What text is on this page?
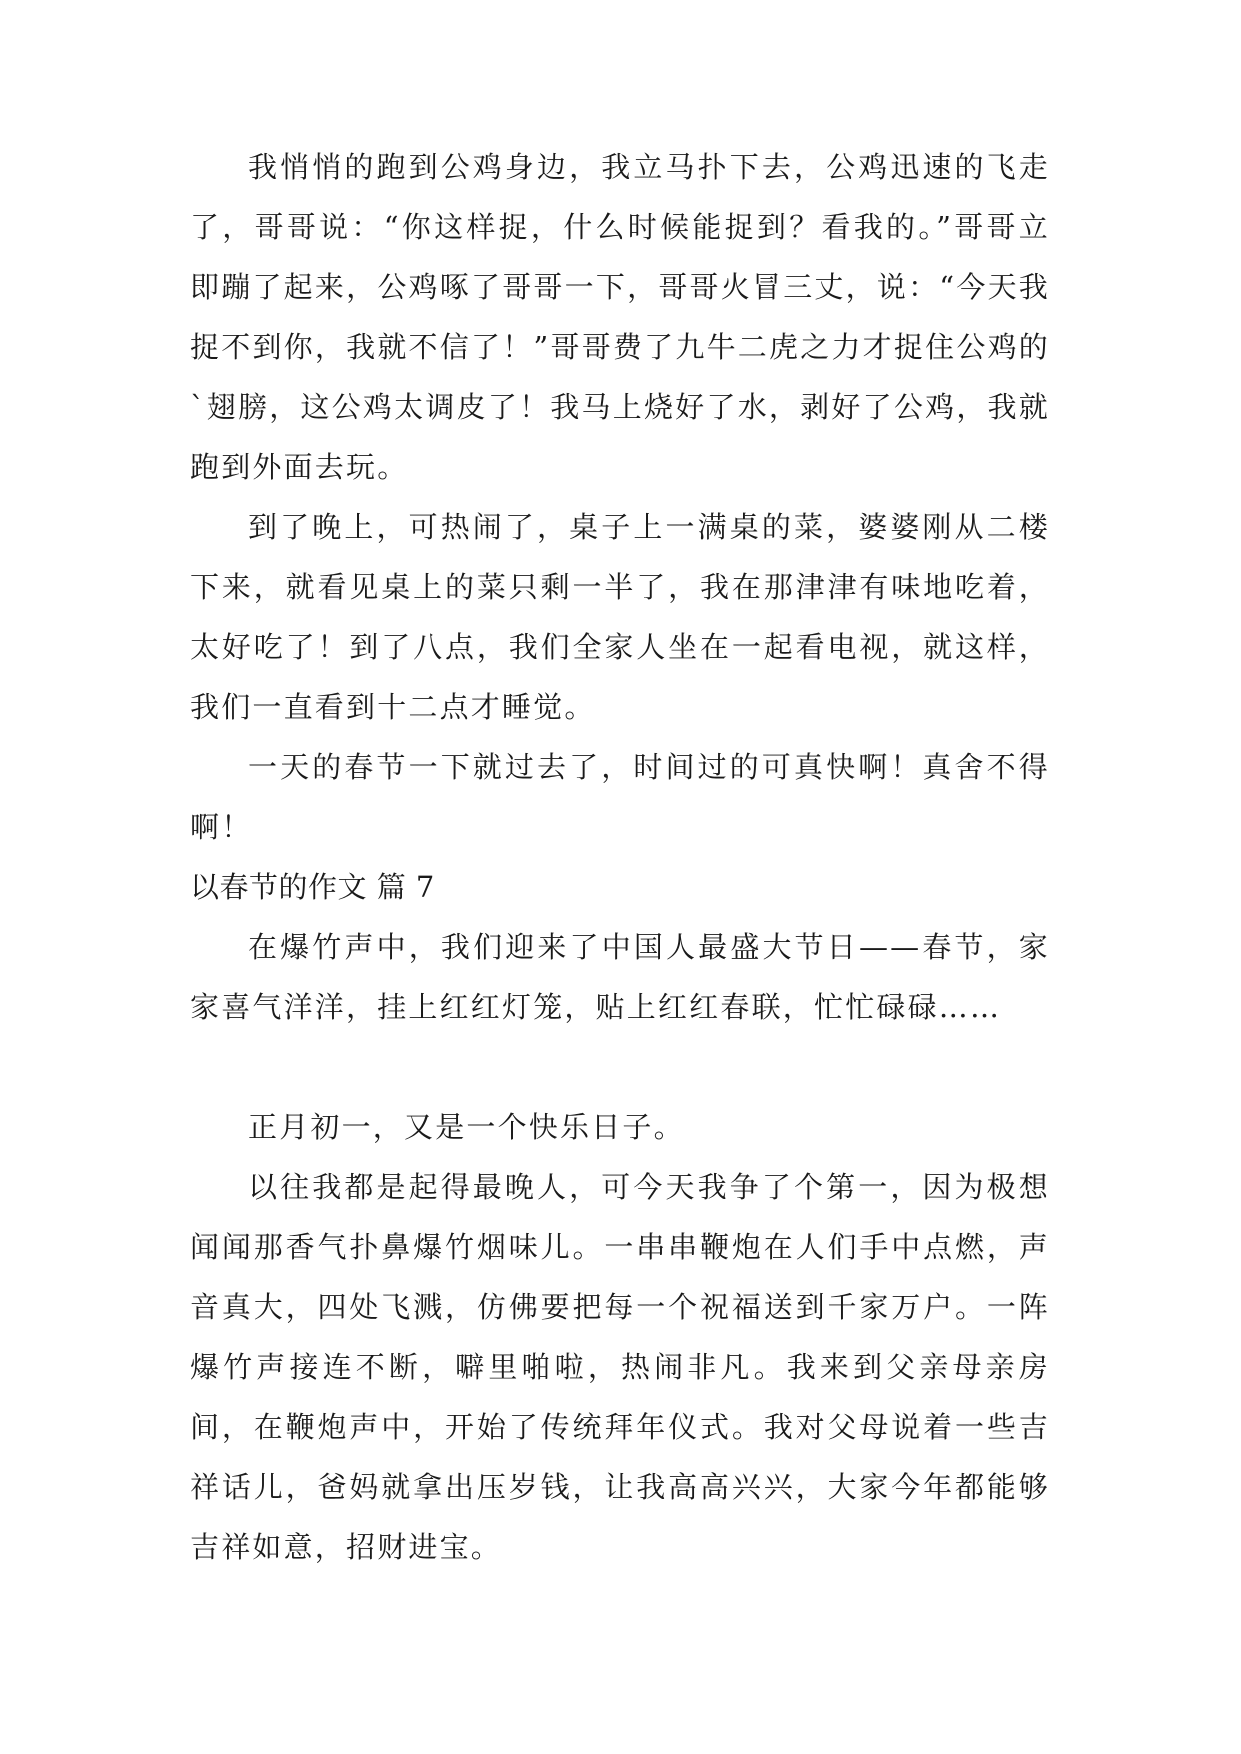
我悄悄的跑到公鸡身边，我立马扑下去，公鸡迅速的飞走了，哥哥说：“你这样捉，什么时候能捉到？看我的。”哥哥立即蹦了起来，公鸡啄了哥哥一下，哥哥火冒三丈，说：“今天我捉不到你，我就不信了！”哥哥费了九牛二虎之力才捉住公鸡的`翅膀，这公鸡太调皮了！我马上烧好了水，剥好了公鸡，我就跑到外面去玩。

到了晚上，可热闹了，桌子上一满桌的菜，婆婆刚从二楼下来，就看见桌上的菜只剩一半了，我在那津津有味地吃着，太好吃了！到了八点，我们全家人坐在一起看电视，就这样，我们一直看到十二点才睡觉。

一天的春节一下就过去了，时间过的可真快啊！真舍不得啊！

以春节的作文 篇 7

在爆竹声中，我们迎来了中国人最盛大节日——春节，家家喜气洋洋，挂上红红灯笼，贴上红红春联，忙忙碌碌……

正月初一，又是一个快乐日子。

以往我都是起得最晚人，可今天我争了个第一，因为极想闻闻那香气扑鼻爆竹烟味儿。一串串鞭炮在人们手中点燃，声音真大，四处飞溅，仿佛要把每一个祝福送到千家万户。一阵爆竹声接连不断，噼里啪啦，热闹非凡。我来到父亲母亲房间，在鞭炮声中，开始了传统拜年仪式。我对父母说着一些吉祥话儿，爸妈就拿出压岁钱，让我高高兴兴，大家今年都能够吉祥如意，招财进宝。
